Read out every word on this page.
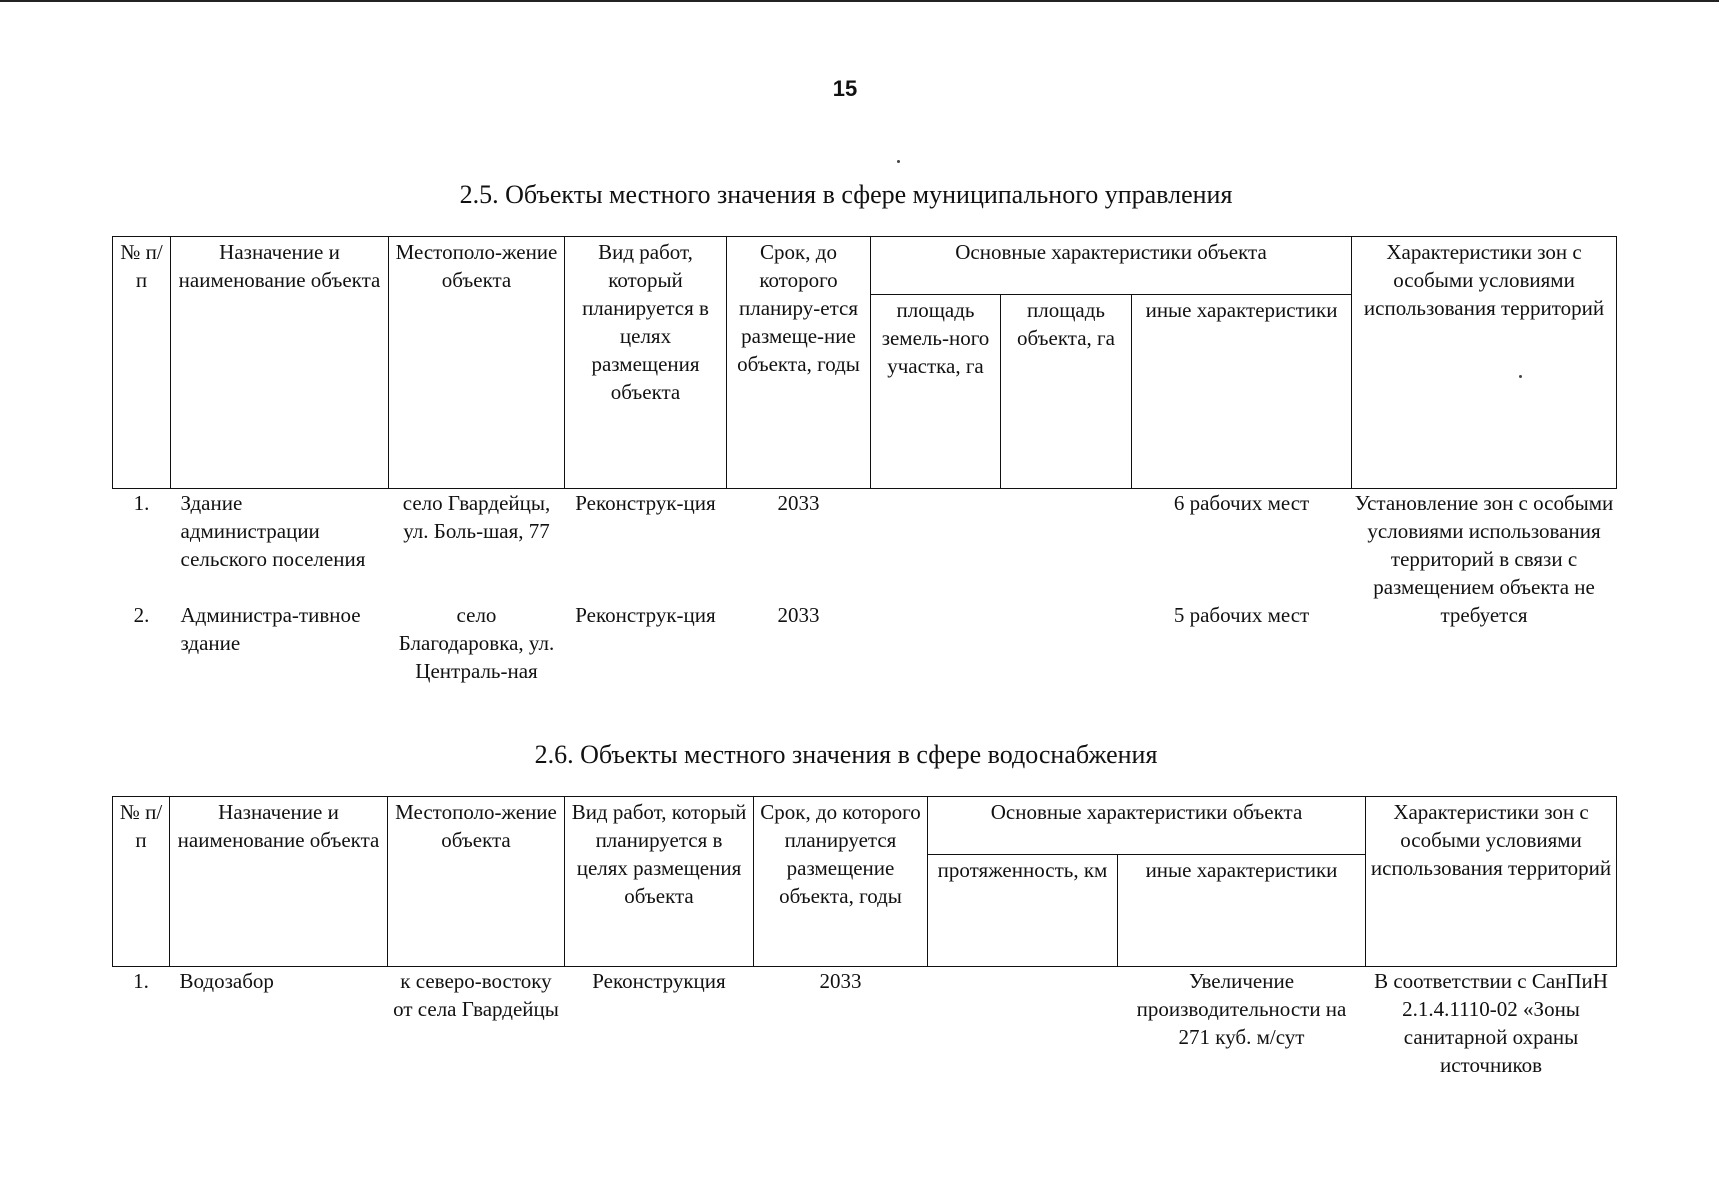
15
2.5. Объекты местного значения в сфере муниципального управления
№ п/п	Назначение и наименование объекта	Местополо-жение объекта	Вид работ, который планируется в целях размещения объекта	Срок, до которого планиру-ется размеще-ние объекта, годы	Основные характеристики объекта			Характеристики зон с особыми условиями использования территорий
					площадь земель-ного участка, га	площадь объекта, га	иные характеристики	
1.	Здание администрации сельского поселения	село Гвардейцы, ул. Боль-шая, 77	Реконструк-ция	2033			6 рабочих мест	Установление зон с особыми условиями использования территорий в связи с размещением объекта не требуется
2.	Администра-тивное здание	село Благодаровка, ул. Централь-ная	Реконструк-ция	2033			5 рабочих мест	
2.6. Объекты местного значения в сфере водоснабжения
№ п/п	Назначение и наименование объекта	Местополо-жение объекта	Вид работ, который планируется в целях размещения объекта	Срок, до которого планируется размещение объекта, годы	Основные характеристики объекта		Характеристики зон с особыми условиями использования территорий
					протяженность, км	иные характеристики	
1.	Водозабор	к северо-востоку от села Гвардейцы	Реконструкция	2033		Увеличение производительности на 271 куб. м/сут	В соответствии с СанПиН 2.1.4.1110-02 «Зоны санитарной охраны источников
